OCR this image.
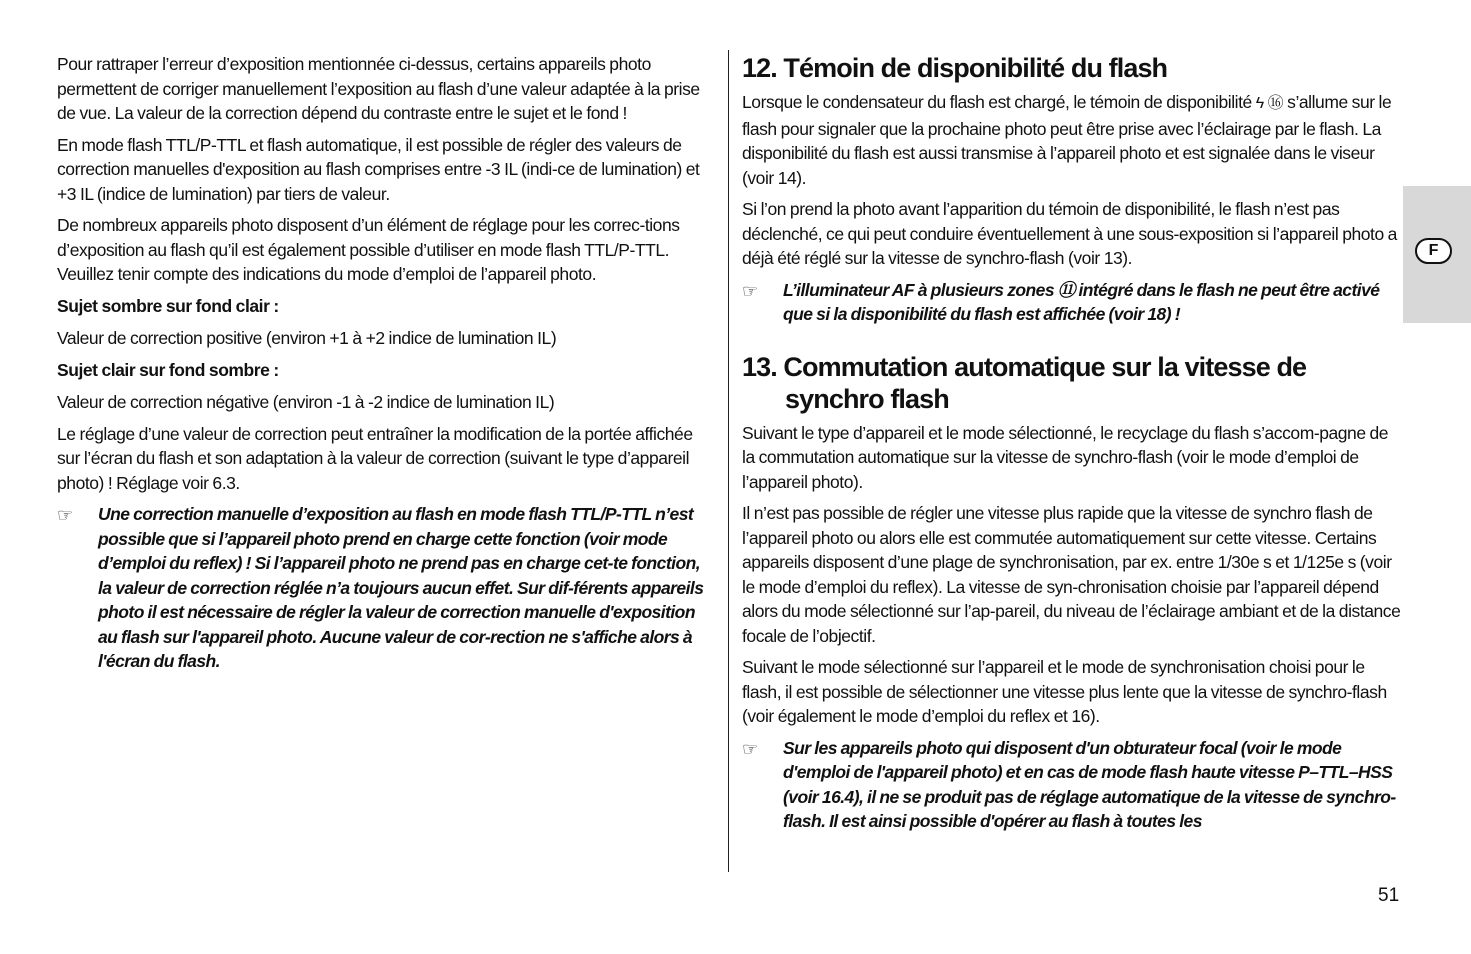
Pour rattraper l’erreur d’exposition mentionnée ci-dessus, certains appareils photo permettent de corriger manuellement l’exposition au flash d’une valeur adaptée à la prise de vue. La valeur de la correction dépend du contraste entre le sujet et le fond !

En mode flash TTL/P-TTL et flash automatique, il est possible de régler des valeurs de correction manuelles d'exposition au flash comprises entre -3 IL (indi-ce de lumination) et +3 IL (indice de lumination) par tiers de valeur.

De nombreux appareils photo disposent d’un élément de réglage pour les correc-tions d’exposition au flash qu’il est également possible d’utiliser en mode flash TTL/P-TTL. Veuillez tenir compte des indications du mode d’emploi de l’appareil photo.

Sujet sombre sur fond clair :

Valeur de correction positive (environ +1 à +2 indice de lumination IL)

Sujet clair sur fond sombre :

Valeur de correction négative (environ -1 à -2 indice de lumination IL)

Le réglage d’une valeur de correction peut entraîner la modification de la portée affichée sur l’écran du flash et son adaptation à la valeur de correction (suivant le type d’appareil photo) ! Réglage voir 6.3.

☞ Une correction manuelle d’exposition au flash en mode flash TTL/P-TTL n’est possible que si l’appareil photo prend en charge cette fonction (voir mode d’emploi du reflex) ! Si l’appareil photo ne prend pas en charge cet-te fonction, la valeur de correction réglée n’a toujours aucun effet. Sur dif-férents appareils photo il est nécessaire de régler la valeur de correction manuelle d'exposition au flash sur l'appareil photo. Aucune valeur de cor-rection ne s'affiche alors à l'écran du flash.
12. Témoin de disponibilité du flash

Lorsque le condensateur du flash est chargé, le témoin de disponibilité ϟ ⑯ s’allume sur le flash pour signaler que la prochaine photo peut être prise avec l’éclairage par le flash. La disponibilité du flash est aussi transmise à l’appareil photo et est signalée dans le viseur (voir 14).

Si l’on prend la photo avant l’apparition du témoin de disponibilité, le flash n’est pas déclenché, ce qui peut conduire éventuellement à une sous-exposition si l’appareil photo a déjà été réglé sur la vitesse de synchro-flash (voir 13).

☞ L’illuminateur AF à plusieurs zones ⑪ intégré dans le flash ne peut être activé que si la disponibilité du flash est affichée (voir 18) !
13. Commutation automatique sur la vitesse de synchro flash

Suivant le type d’appareil et le mode sélectionné, le recyclage du flash s’accom-pagne de la commutation automatique sur la vitesse de synchro-flash (voir le mode d’emploi de l’appareil photo).

Il n’est pas possible de régler une vitesse plus rapide que la vitesse de synchro flash de l’appareil photo ou alors elle est commutée automatiquement sur cette vitesse. Certains appareils disposent d’une plage de synchronisation, par ex. entre 1/30e s et 1/125e s (voir le mode d’emploi du reflex). La vitesse de syn-chronisation choisie par l’appareil dépend alors du mode sélectionné sur l’ap-pareil, du niveau de l’éclairage ambiant et de la distance focale de l’objectif.

Suivant le mode sélectionné sur l’appareil et le mode de synchronisation choisi pour le flash, il est possible de sélectionner une vitesse plus lente que la vitesse de synchro-flash (voir également le mode d’emploi du reflex et 16).

☞ Sur les appareils photo qui disposent d'un obturateur focal (voir le mode d'emploi de l'appareil photo) et en cas de mode flash haute vitesse P–TTL–HSS (voir 16.4), il ne se produit pas de réglage automatique de la vitesse de synchro-flash. Il est ainsi possible d'opérer au flash à toutes les
F
51
